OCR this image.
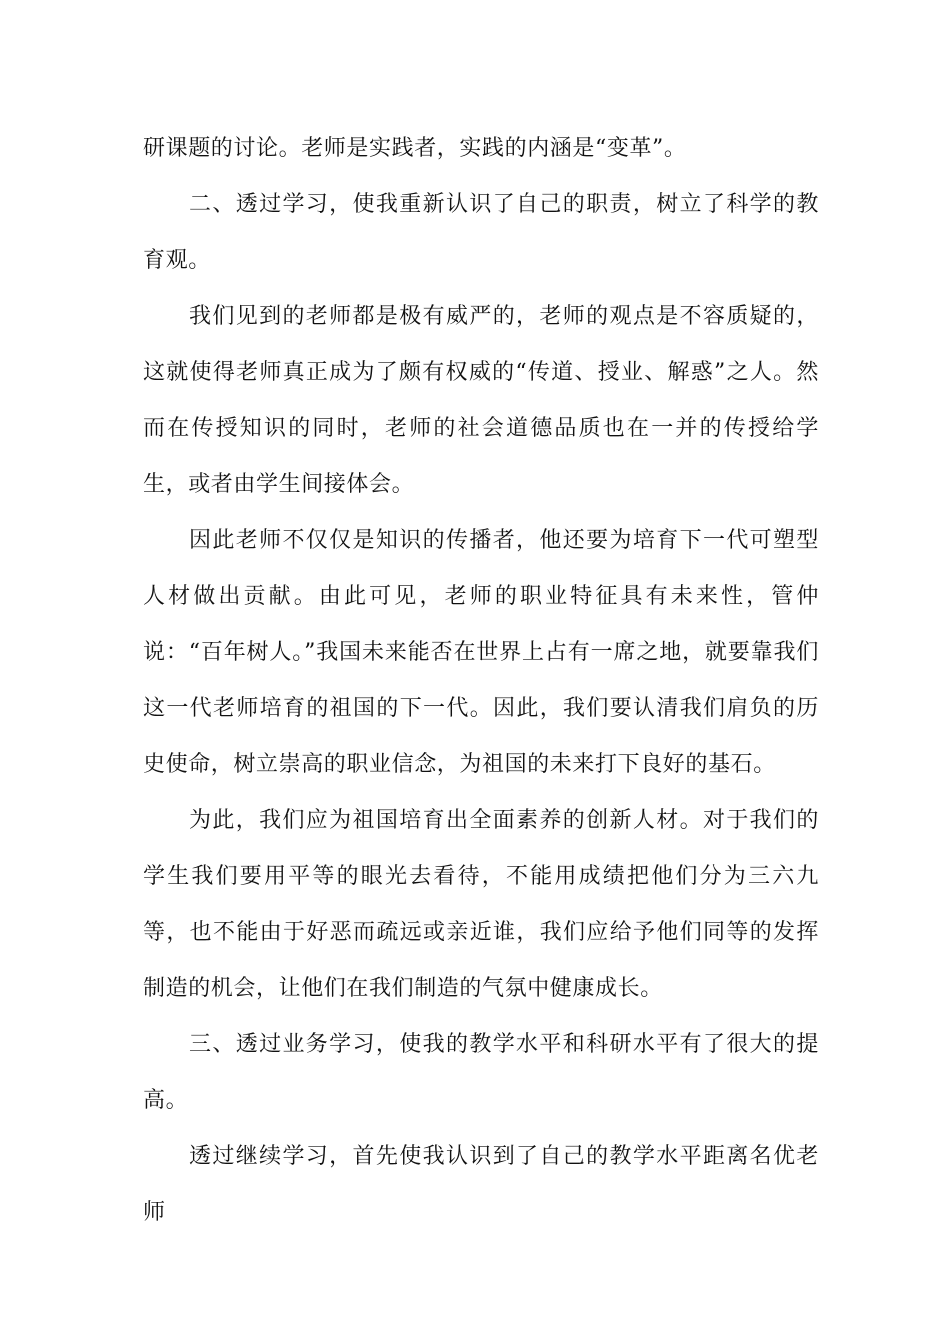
研课题的讨论。老师是实践者，实践的内涵是“变革”。

二、透过学习，使我重新认识了自己的职责，树立了科学的教育观。

我们见到的老师都是极有威严的，老师的观点是不容质疑的，这就使得老师真正成为了颇有权威的“传道、授业、解惑”之人。然而在传授知识的同时，老师的社会道德品质也在一并的传授给学生，或者由学生间接体会。

因此老师不仅仅是知识的传播者，他还要为培育下一代可塑型人材做出贡献。由此可见，老师的职业特征具有未来性，管仲说：“百年树人。”我国未来能否在世界上占有一席之地，就要靠我们这一代老师培育的祖国的下一代。因此，我们要认清我们肩负的历史使命，树立崇高的职业信念，为祖国的未来打下良好的基石。

为此，我们应为祖国培育出全面素养的创新人材。对于我们的学生我们要用平等的眼光去看待，不能用成绩把他们分为三六九等，也不能由于好恶而疏远或亲近谁，我们应给予他们同等的发挥制造的机会，让他们在我们制造的气氛中健康成长。

三、透过业务学习，使我的教学水平和科研水平有了很大的提高。

透过继续学习，首先使我认识到了自己的教学水平距离名优老师
